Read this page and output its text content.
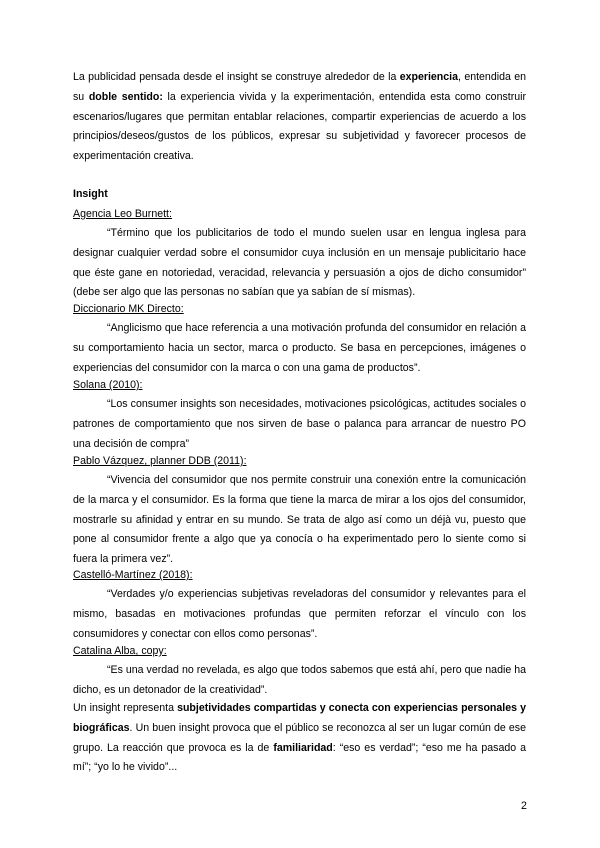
La publicidad pensada desde el insight se construye alrededor de la experiencia, entendida en su doble sentido: la experiencia vivida y la experimentación, entendida esta como construir escenarios/lugares que permitan entablar relaciones, compartir experiencias de acuerdo a los principios/deseos/gustos de los públicos, expresar su subjetividad y favorecer procesos de experimentación creativa.

Insight
Agencia Leo Burnett:

“Término que los publicitarios de todo el mundo suelen usar en lengua inglesa para designar cualquier verdad sobre el consumidor cuya inclusión en un mensaje publicitario hace que éste gane en notoriedad, veracidad, relevancia y persuasión a ojos de dicho consumidor” (debe ser algo que las personas no sabían que ya sabían de sí mismas).

Diccionario MK Directo:

“Anglicismo que hace referencia a una motivación profunda del consumidor en relación a su comportamiento hacia un sector, marca o producto. Se basa en percepciones, imágenes o experiencias del consumidor con la marca o con una gama de productos”.

Solana (2010):

“Los consumer insights son necesidades, motivaciones psicológicas, actitudes sociales o patrones de comportamiento que nos sirven de base o palanca para arrancar de nuestro PO una decisión de compra”

Pablo Vázquez, planner DDB (2011):

“Vivencia del consumidor que nos permite construir una conexión entre la comunicación de la marca y el consumidor. Es la forma que tiene la marca de mirar a los ojos del consumidor, mostrarle su afinidad y entrar en su mundo. Se trata de algo así como un déjà vu, puesto que pone al consumidor frente a algo que ya conocía o ha experimentado pero lo siente como si fuera la primera vez”.

Castelló-Martínez (2018):

“Verdades y/o experiencias subjetivas reveladoras del consumidor y relevantes para el mismo, basadas en motivaciones profundas que permiten reforzar el vínculo con los consumidores y conectar con ellos como personas”.

Catalina Alba, copy:

“Es una verdad no revelada, es algo que todos sabemos que está ahí, pero que nadie ha dicho, es un detonador de la creatividad”.

Un insight representa subjetividades compartidas y conecta con experiencias personales y biográficas. Un buen insight provoca que el público se reconozca al ser un lugar común de ese grupo. La reacción que provoca es la de familiaridad: “eso es verdad”; “eso me ha pasado a mí”; “yo lo he vivido”...

2
